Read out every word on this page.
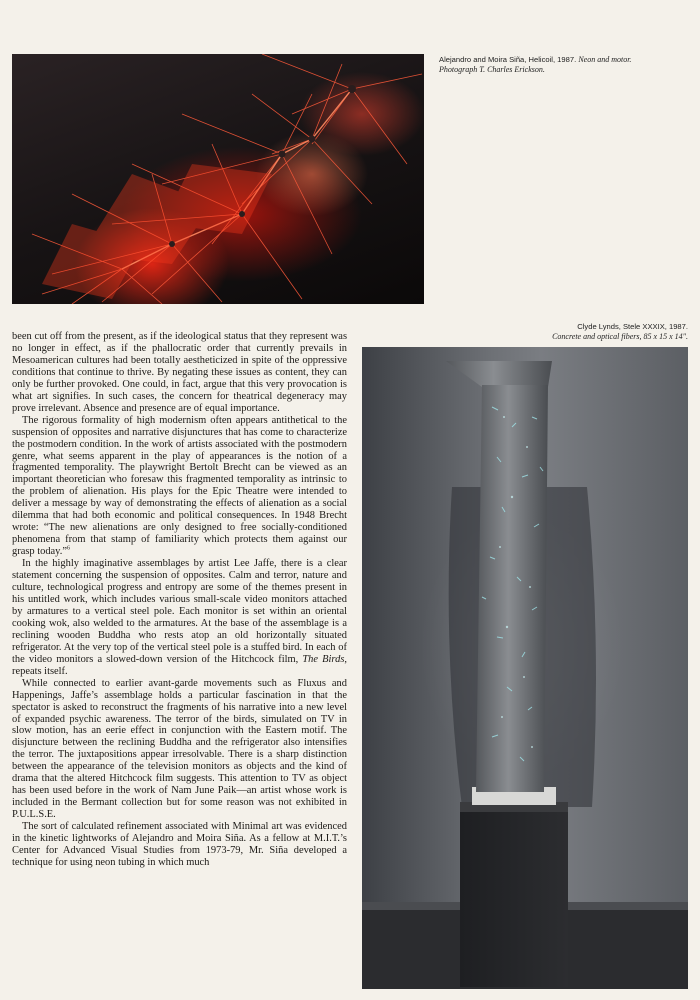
Alejandro and Moira Siña, Helicoil, 1987. Neon and motor.
Photograph T. Charles Erickson.
Clyde Lynds, Stele XXXIX, 1987.
Concrete and optical fibers, 85 x 15 x 14".

been cut off from the present, as if the ideological status that they represent was no longer in effect, as if the phallocratic order that currently prevails in Mesoamerican cultures had been totally aestheticized in spite of the oppressive conditions that continue to thrive. By negating these issues as content, they can only be further provoked. One could, in fact, argue that this very provocation is what art signifies. In such cases, the concern for theatrical degeneracy may prove irrelevant. Absence and presence are of equal importance.

The rigorous formality of high modernism often appears antithetical to the suspension of opposites and narrative disjunctures that has come to characterize the postmodern condition. In the work of artists associated with the postmodern genre, what seems apparent in the play of appearances is the notion of a fragmented temporality. The playwright Bertolt Brecht can be viewed as an important theoretician who foresaw this fragmented temporality as intrinsic to the problem of alienation. His plays for the Epic Theatre were intended to deliver a message by way of demonstrating the effects of alienation as a social dilemma that had both economic and political consequences. In 1948 Brecht wrote: “The new alienations are only designed to free socially-conditioned phenomena from that stamp of familiarity which protects them against our grasp today.”$^6$

In the highly imaginative assemblages by artist Lee Jaffe, there is a clear statement concerning the suspension of opposites. Calm and terror, nature and culture, technological progress and entropy are some of the themes present in his untitled work, which includes various small-scale video monitors attached by armatures to a vertical steel pole. Each monitor is set within an oriental cooking wok, also welded to the armatures. At the base of the assemblage is a reclining wooden Buddha who rests atop an old horizontally situated refrigerator. At the very top of the vertical steel pole is a stuffed bird. In each of the video monitors a slowed-down version of the Hitchcock film, The Birds, repeats itself.

While connected to earlier avant-garde movements such as Fluxus and Happenings, Jaffe’s assemblage holds a particular fascination in that the spectator is asked to reconstruct the fragments of his narrative into a new level of expanded psychic awareness. The terror of the birds, simulated on TV in slow motion, has an eerie effect in conjunction with the Eastern motif. The disjuncture between the reclining Buddha and the refrigerator also intensifies the terror. The juxtapositions appear irresolvable. There is a sharp distinction between the appearance of the television monitors as objects and the kind of drama that the altered Hitchcock film suggests. This attention to TV as object has been used before in the work of Nam June Paik—an artist whose work is included in the Bermant collection but for some reason was not exhibited in P.U.L.S.E.

The sort of calculated refinement associated with Minimal art was evidenced in the kinetic lightworks of Alejandro and Moira Siña. As a fellow at M.I.T.’s Center for Advanced Visual Studies from 1973-79, Mr. Siña developed a technique for using neon tubing in which much
